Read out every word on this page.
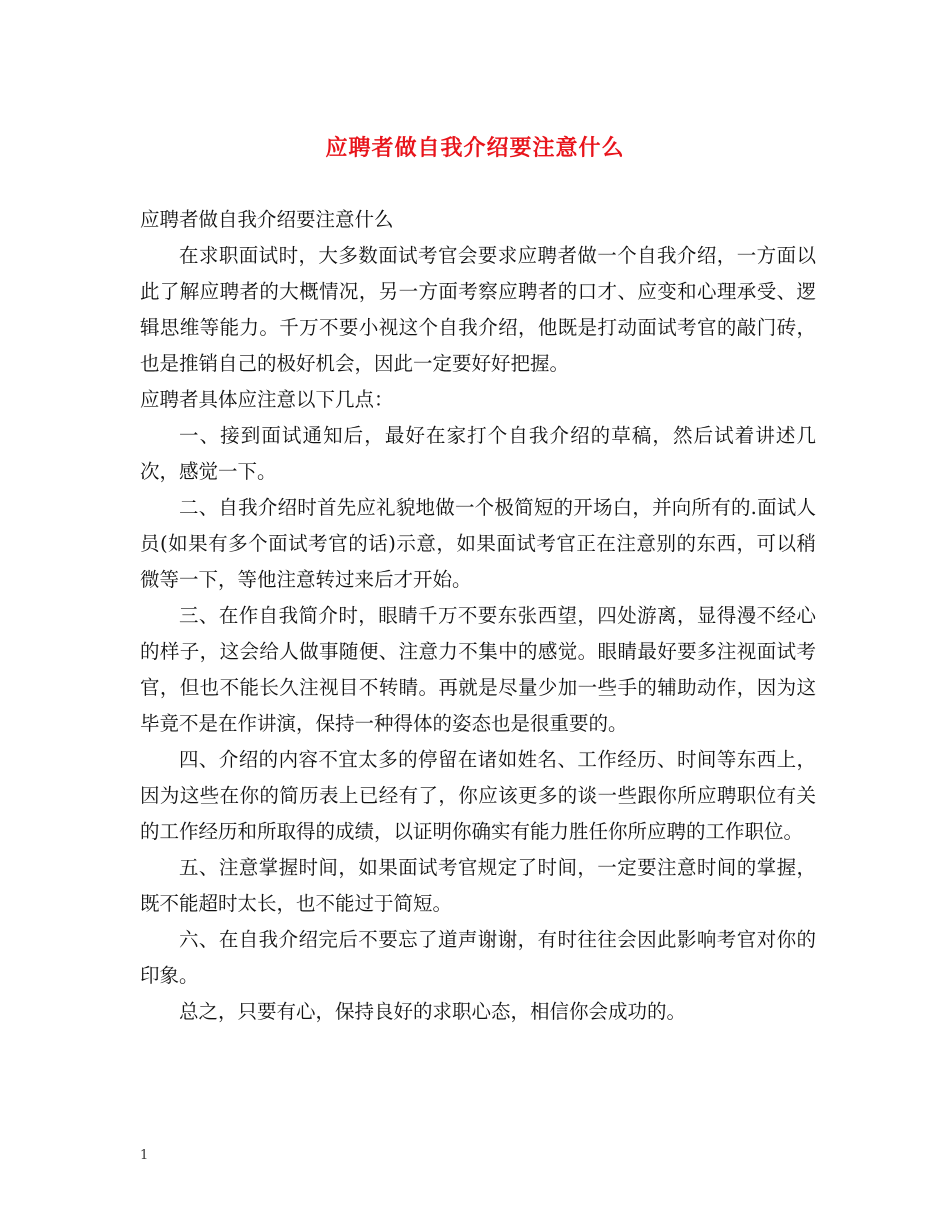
应聘者做自我介绍要注意什么

应聘者做自我介绍要注意什么

在求职面试时，大多数面试考官会要求应聘者做一个自我介绍，一方面以此了解应聘者的大概情况，另一方面考察应聘者的口才、应变和心理承受、逻辑思维等能力。千万不要小视这个自我介绍，他既是打动面试考官的敲门砖，也是推销自己的极好机会，因此一定要好好把握。

应聘者具体应注意以下几点：

一、接到面试通知后，最好在家打个自我介绍的草稿，然后试着讲述几次，感觉一下。

二、自我介绍时首先应礼貌地做一个极简短的开场白，并向所有的.面试人员(如果有多个面试考官的话)示意，如果面试考官正在注意别的东西，可以稍微等一下，等他注意转过来后才开始。

三、在作自我简介时，眼睛千万不要东张西望，四处游离，显得漫不经心的样子，这会给人做事随便、注意力不集中的感觉。眼睛最好要多注视面试考官，但也不能长久注视目不转睛。再就是尽量少加一些手的辅助动作，因为这毕竟不是在作讲演，保持一种得体的姿态也是很重要的。

四、介绍的内容不宜太多的停留在诸如姓名、工作经历、时间等东西上，因为这些在你的简历表上已经有了，你应该更多的谈一些跟你所应聘职位有关的工作经历和所取得的成绩，以证明你确实有能力胜任你所应聘的工作职位。

五、注意掌握时间，如果面试考官规定了时间，一定要注意时间的掌握，既不能超时太长，也不能过于简短。

六、在自我介绍完后不要忘了道声谢谢，有时往往会因此影响考官对你的印象。

总之，只要有心，保持良好的求职心态，相信你会成功的。

1
